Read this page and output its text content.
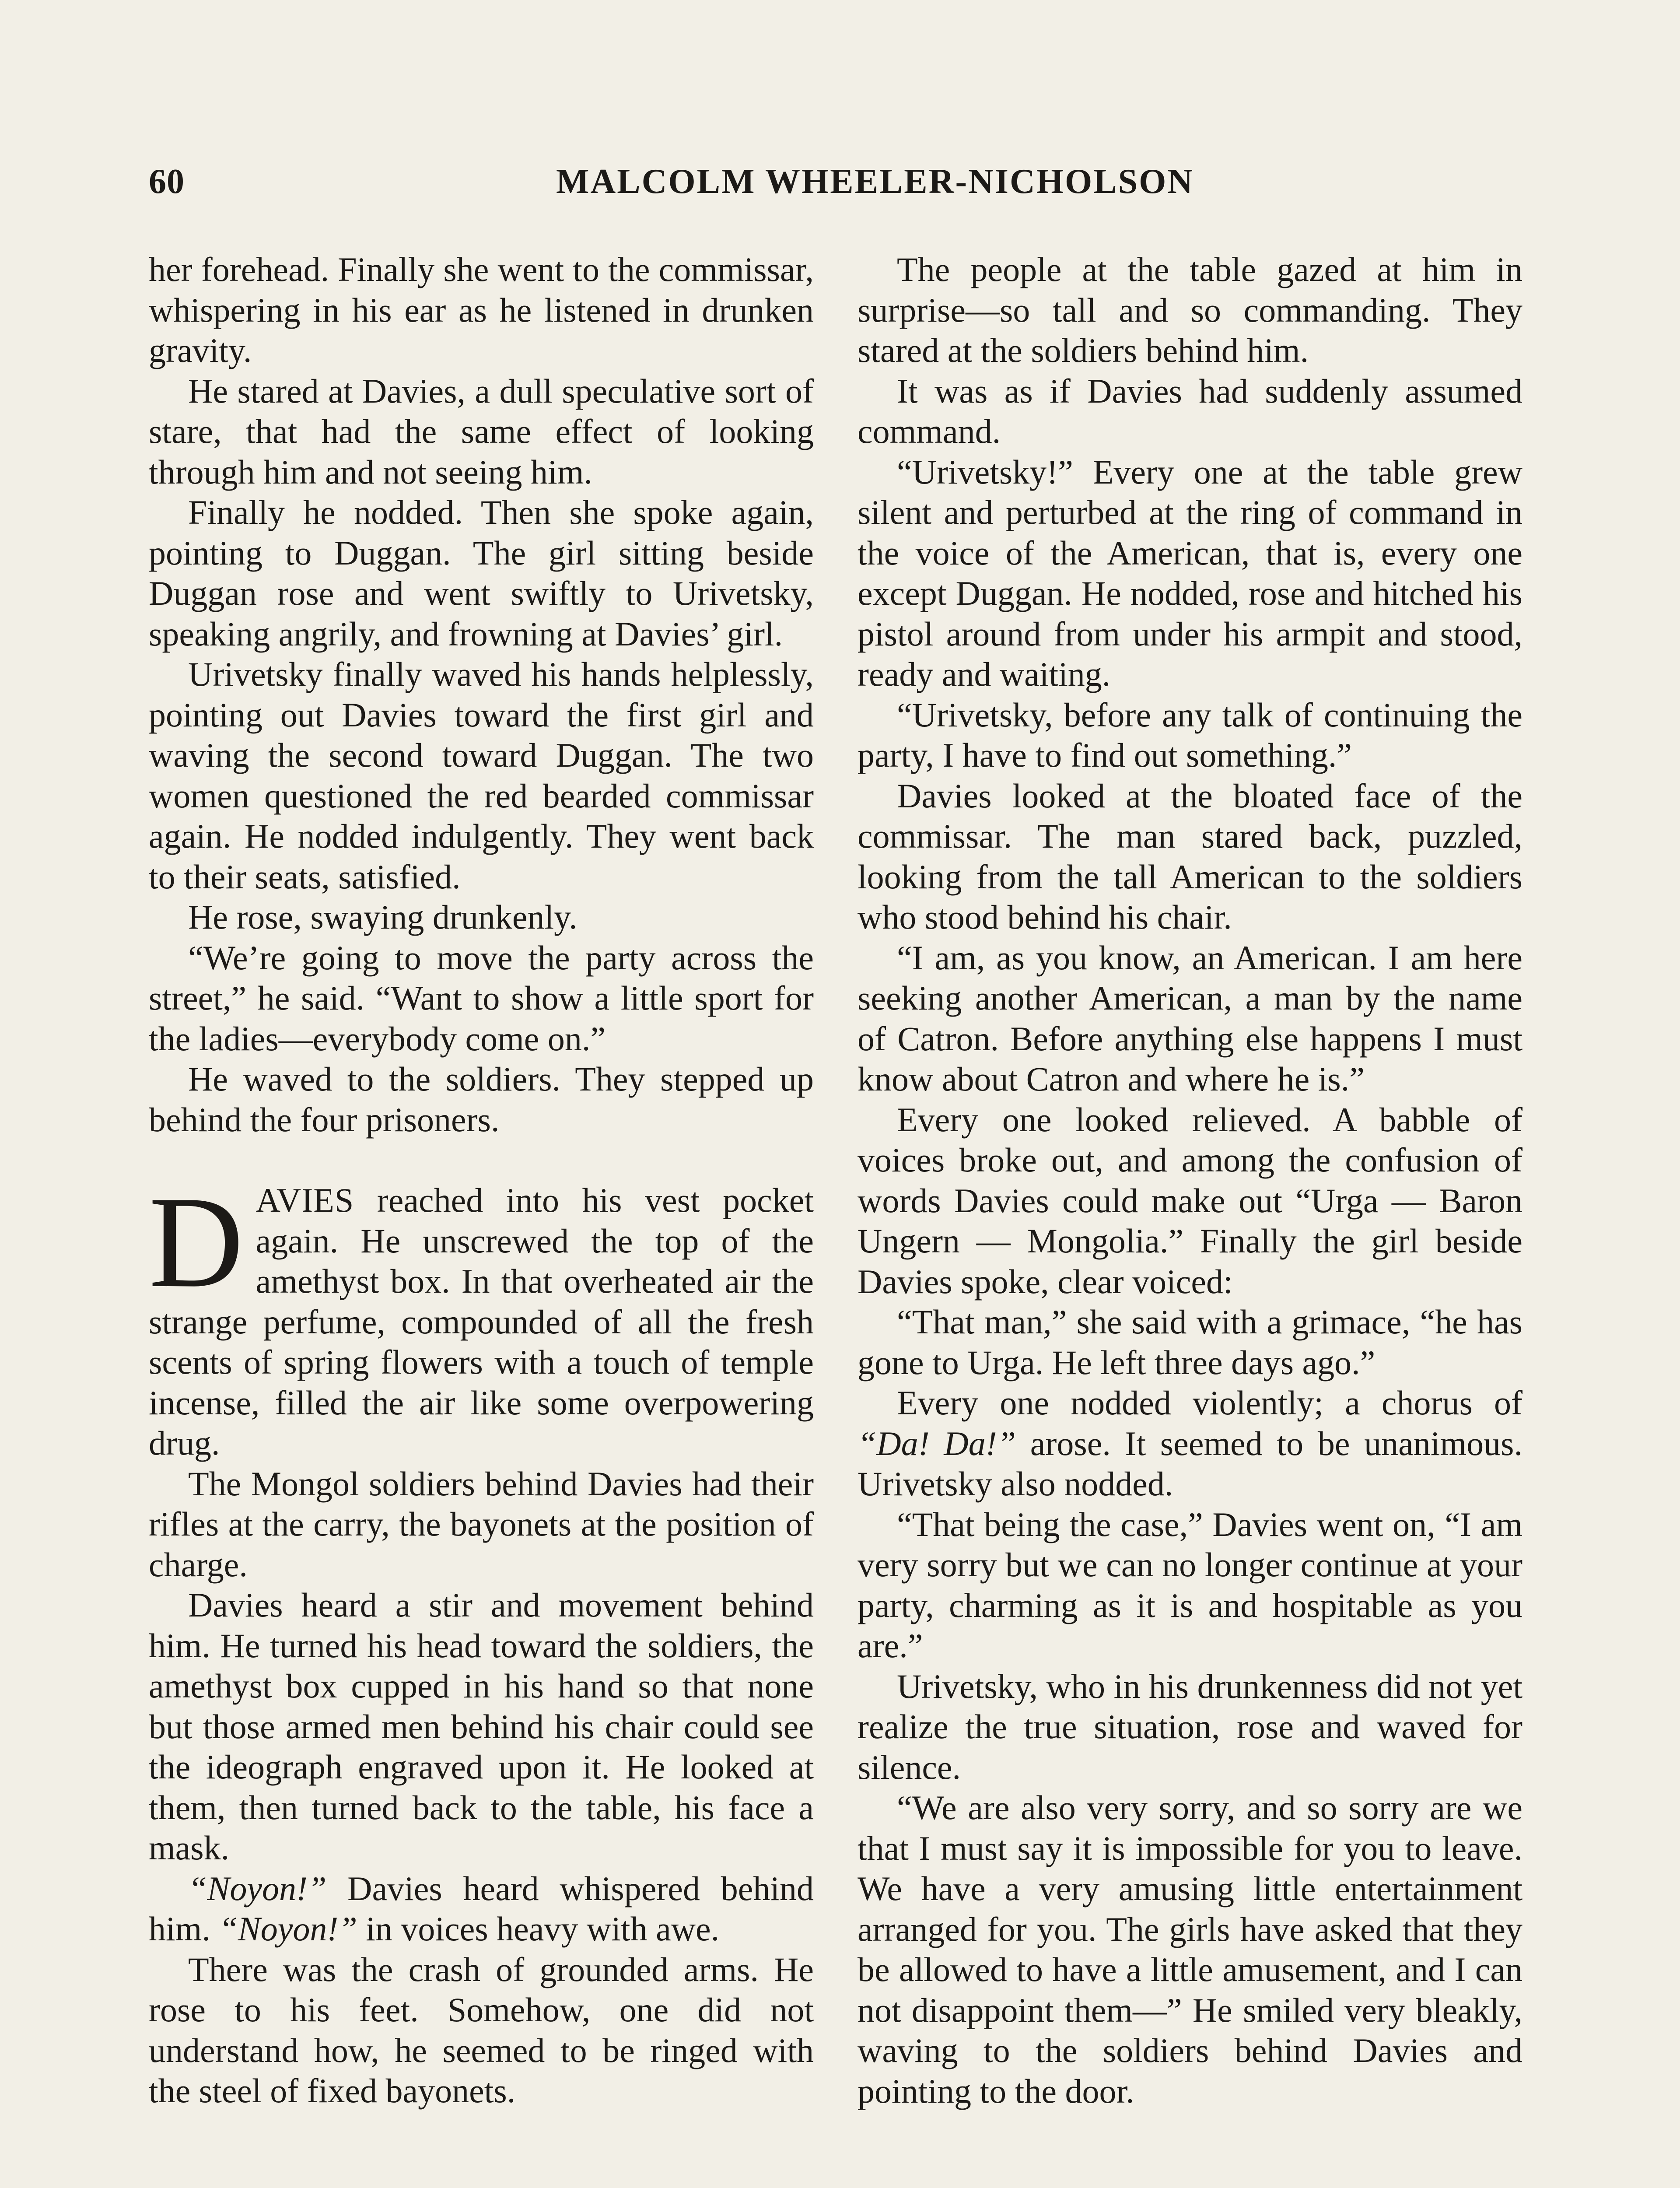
60	MALCOLM WHEELER-NICHOLSON

her forehead. Finally she went to the commissar, whispering in his ear as he listened in drunken gravity.

He stared at Davies, a dull speculative sort of stare, that had the same effect of looking through him and not seeing him.

Finally he nodded. Then she spoke again, pointing to Duggan. The girl sitting beside Duggan rose and went swiftly to Urivetsky, speaking angrily, and frowning at Davies’ girl.

Urivetsky finally waved his hands helplessly, pointing out Davies toward the first girl and waving the second toward Duggan. The two women questioned the red bearded commissar again. He nodded indulgently. They went back to their seats, satisfied.

He rose, swaying drunkenly.

“We’re going to move the party across the street,” he said. “Want to show a little sport for the ladies—everybody come on.”

He waved to the soldiers. They stepped up behind the four prisoners.

DAVIES reached into his vest pocket again. He unscrewed the top of the amethyst box. In that overheated air the strange perfume, compounded of all the fresh scents of spring flowers with a touch of temple incense, filled the air like some overpowering drug.

The Mongol soldiers behind Davies had their rifles at the carry, the bayonets at the position of charge.

Davies heard a stir and movement behind him. He turned his head toward the soldiers, the amethyst box cupped in his hand so that none but those armed men behind his chair could see the ideograph engraved upon it. He looked at them, then turned back to the table, his face a mask.

“Noyon!” Davies heard whispered behind him. “Noyon!” in voices heavy with awe.

There was the crash of grounded arms. He rose to his feet. Somehow, one did not understand how, he seemed to be ringed with the steel of fixed bayonets.

The people at the table gazed at him in surprise—so tall and so commanding. They stared at the soldiers behind him.

It was as if Davies had suddenly assumed command.

“Urivetsky!” Every one at the table grew silent and perturbed at the ring of command in the voice of the American, that is, every one except Duggan. He nodded, rose and hitched his pistol around from under his armpit and stood, ready and waiting.

“Urivetsky, before any talk of continuing the party, I have to find out something.”

Davies looked at the bloated face of the commissar. The man stared back, puzzled, looking from the tall American to the soldiers who stood behind his chair.

“I am, as you know, an American. I am here seeking another American, a man by the name of Catron. Before anything else happens I must know about Catron and where he is.”

Every one looked relieved. A babble of voices broke out, and among the confusion of words Davies could make out “Urga — Baron Ungern — Mongolia.” Finally the girl beside Davies spoke, clear voiced:

“That man,” she said with a grimace, “he has gone to Urga. He left three days ago.”

Every one nodded violently; a chorus of “Da! Da!” arose. It seemed to be unanimous. Urivetsky also nodded.

“That being the case,” Davies went on, “I am very sorry but we can no longer continue at your party, charming as it is and hospitable as you are.”

Urivetsky, who in his drunkenness did not yet realize the true situation, rose and waved for silence.

“We are also very sorry, and so sorry are we that I must say it is impossible for you to leave. We have a very amusing little entertainment arranged for you. The girls have asked that they be allowed to have a little amusement, and I can not disappoint them—” He smiled very bleakly, waving to the soldiers behind Davies and pointing to the door.
